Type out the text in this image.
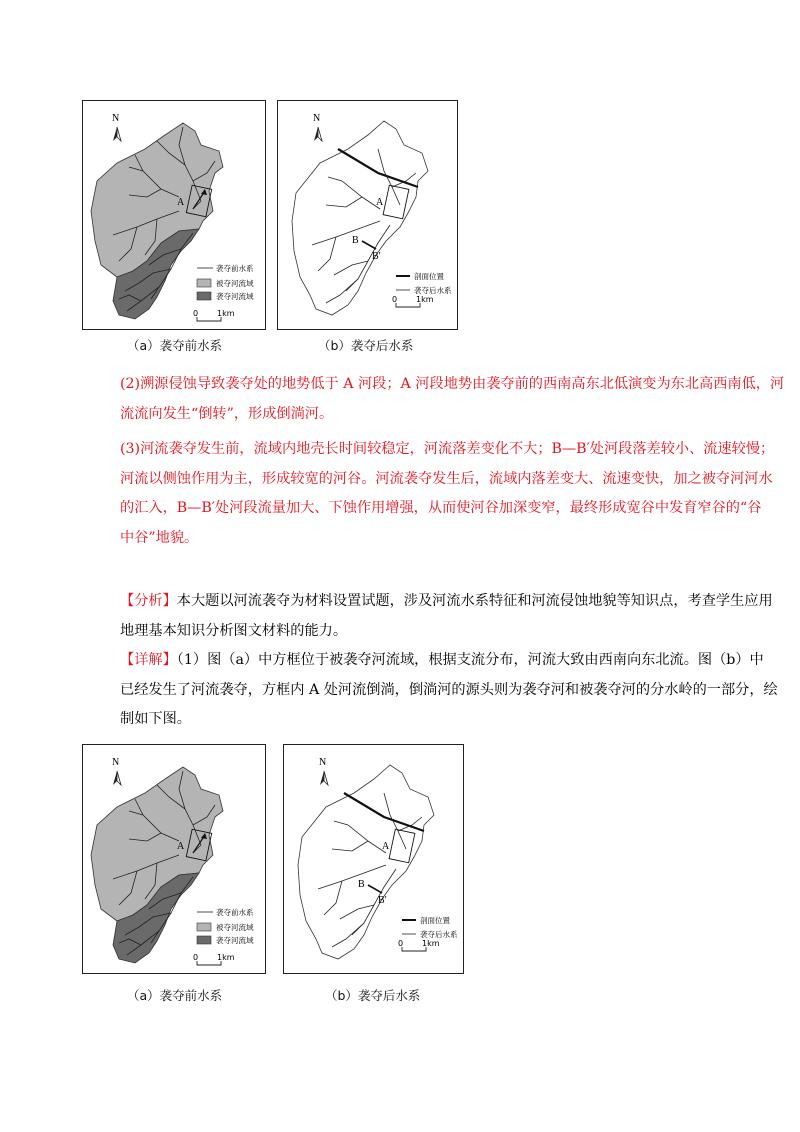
N
A
袭夺前水系
被夺河流域
袭夺河流域
0 1km
N
A
B
B′
剖面位置
袭夺后水系
0 1km
（a）袭夺前水系	（b）袭夺后水系
(2)溯源侵蚀导致袭夺处的地势低于 A 河段；A 河段地势由袭夺前的西南高东北低演变为东北高西南低，河
流流向发生“倒转”，形成倒淌河。
(3)河流袭夺发生前，流域内地壳长时间较稳定，河流落差变化不大；B—B′处河段落差较小、流速较慢；
河流以侧蚀作用为主，形成较宽的河谷。河流袭夺发生后，流域内落差变大、流速变快，加之被夺河河水
的汇入，B—B′处河段流量加大、下蚀作用增强，从而使河谷加深变窄，最终形成宽谷中发育窄谷的“谷
中谷”地貌。
【分析】本大题以河流袭夺为材料设置试题，涉及河流水系特征和河流侵蚀地貌等知识点，考查学生应用
地理基本知识分析图文材料的能力。
【详解】（1）图（a）中方框位于被袭夺河流域，根据支流分布，河流大致由西南向东北流。图（b）中
已经发生了河流袭夺，方框内 A 处河流倒淌，倒淌河的源头则为袭夺河和被袭夺河的分水岭的一部分，绘
制如下图。
N
A
袭夺前水系
被夺河流域
袭夺河流域
0 1km
N
A
B
B′
剖面位置
袭夺后水系
0 1km
（a）袭夺前水系	（b）袭夺后水系
